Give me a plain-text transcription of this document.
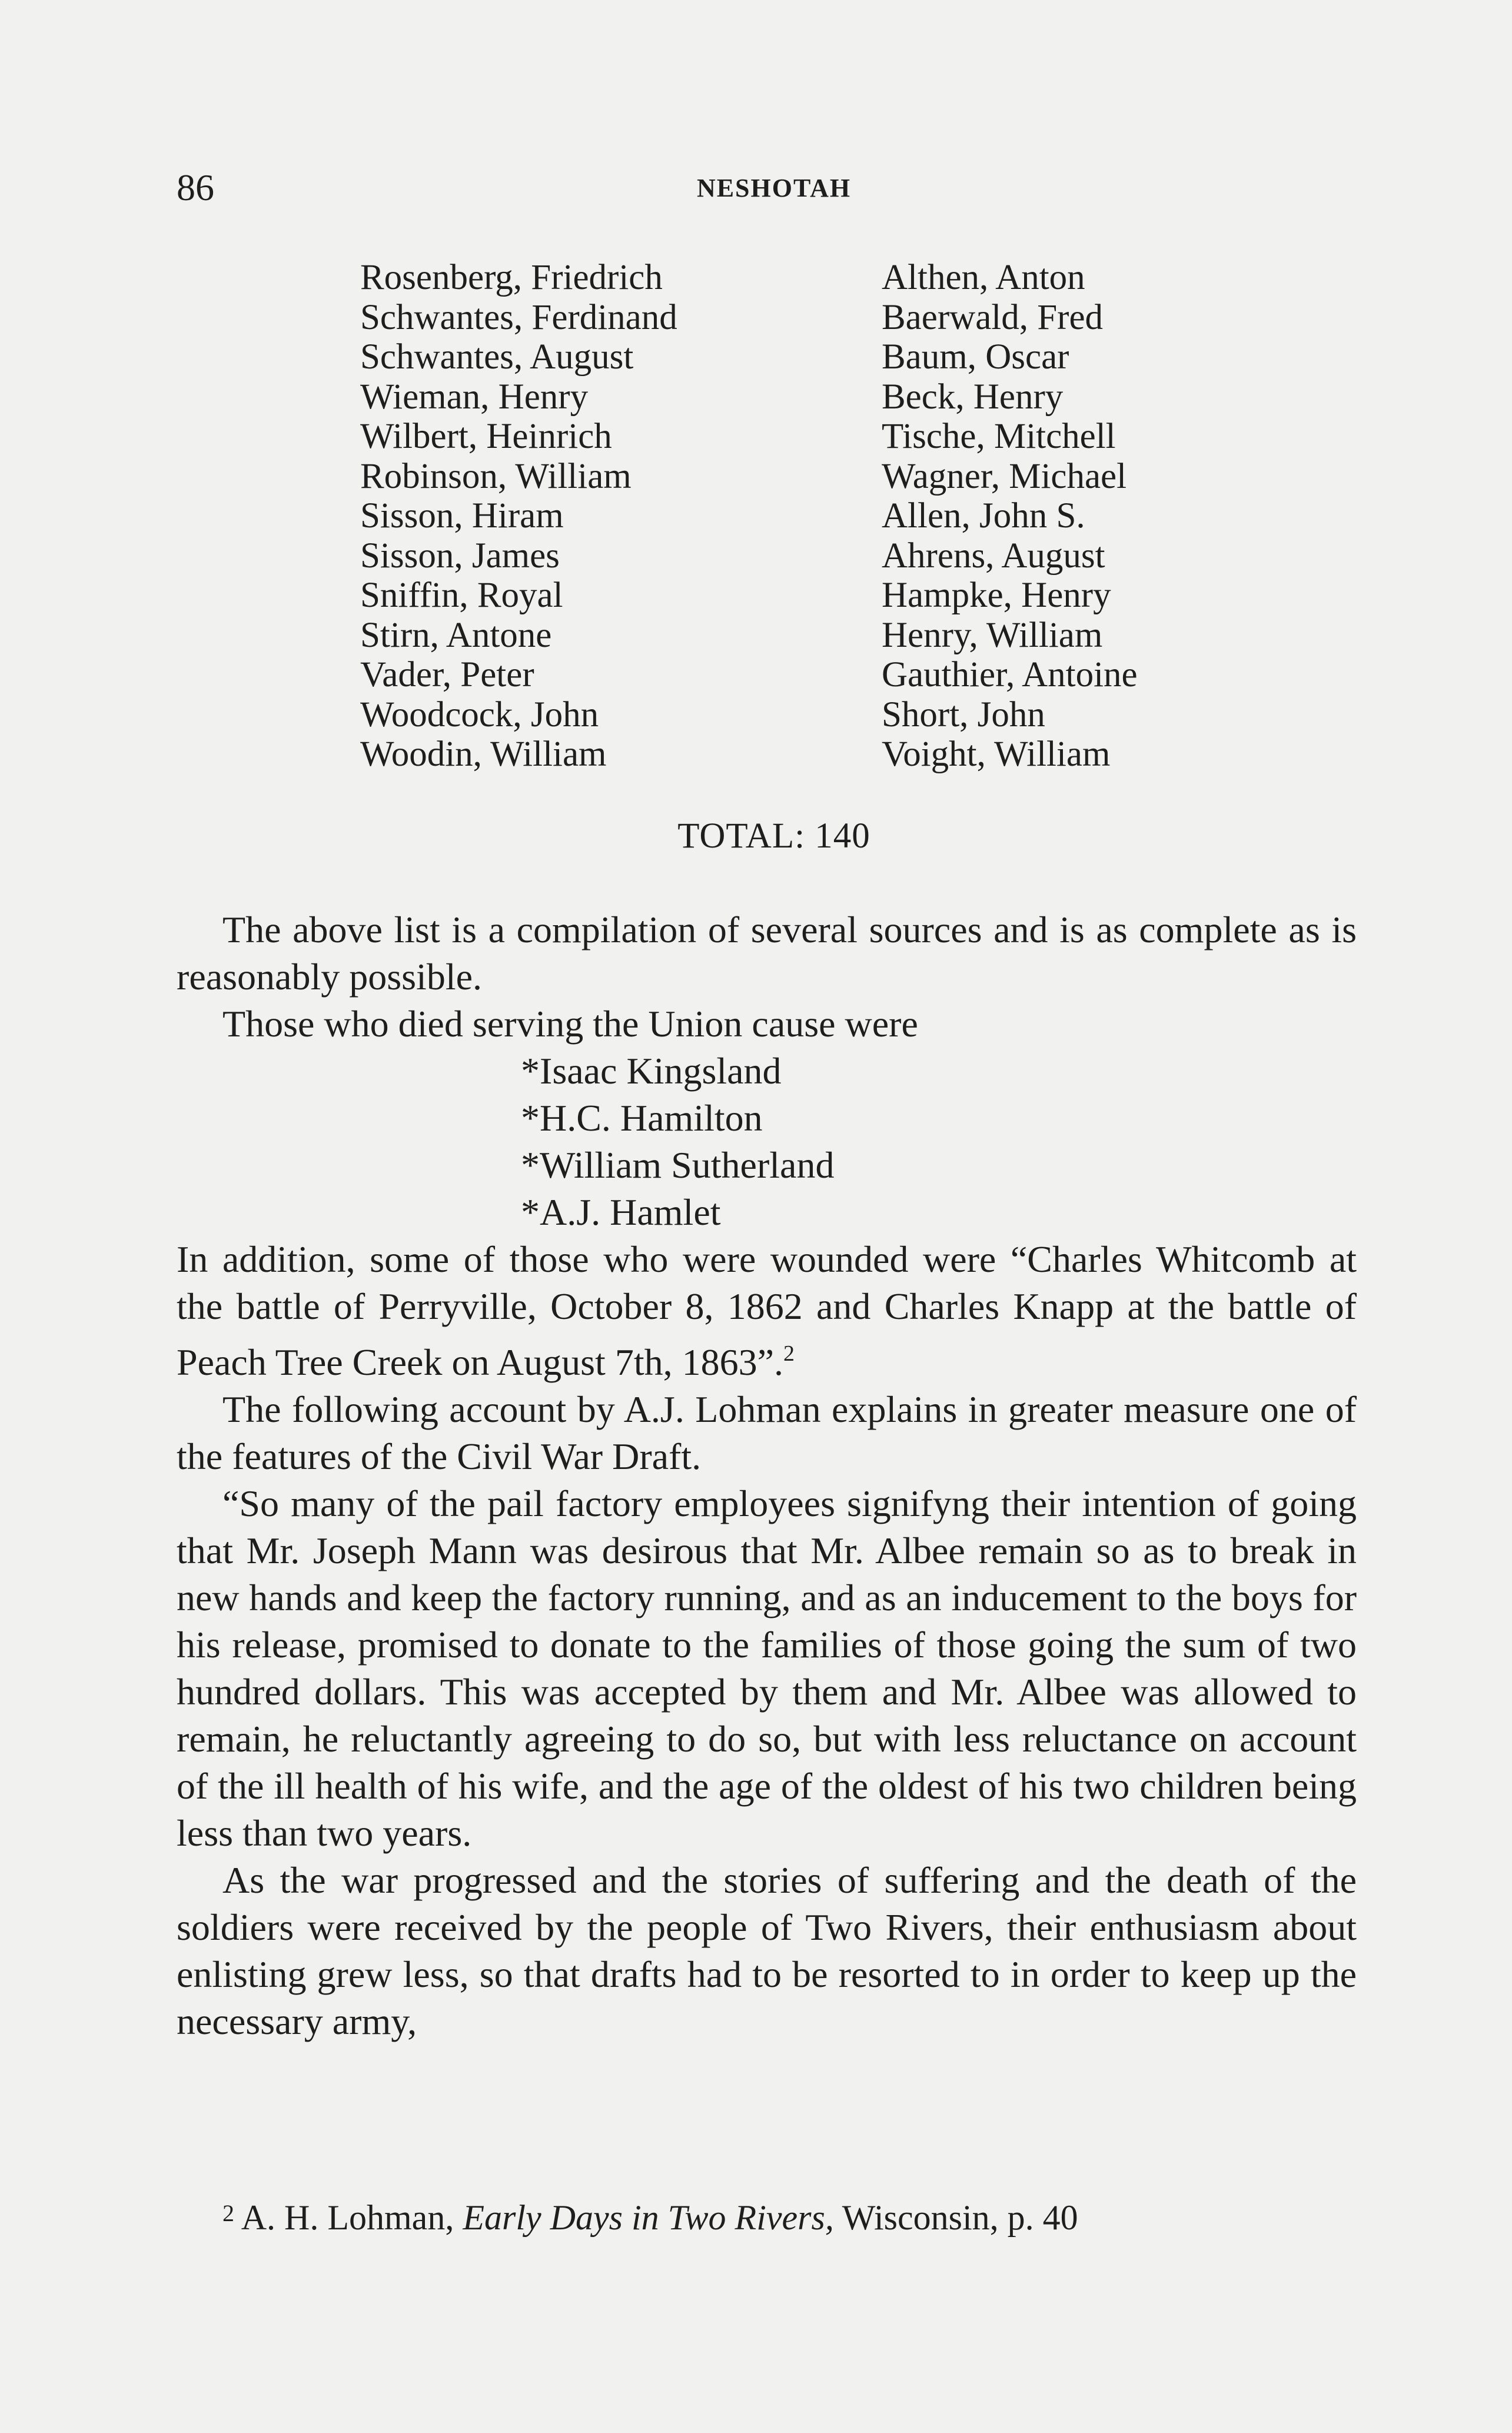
86	NESHOTAH
Rosenberg, Friedrich
Schwantes, Ferdinand
Schwantes, August
Wieman, Henry
Wilbert, Heinrich
Robinson, William
Sisson, Hiram
Sisson, James
Sniffin, Royal
Stirn, Antone
Vader, Peter
Woodcock, John
Woodin, William
Althen, Anton
Baerwald, Fred
Baum, Oscar
Beck, Henry
Tische, Mitchell
Wagner, Michael
Allen, John S.
Ahrens, August
Hampke, Henry
Henry, William
Gauthier, Antoine
Short, John
Voight, William
TOTAL: 140

The above list is a compilation of several sources and is as complete as is reasonably possible.

Those who died serving the Union cause were

*Isaac Kingsland
*H.C. Hamilton
*William Sutherland
*A.J. Hamlet

In addition, some of those who were wounded were “Charles Whitcomb at the battle of Perryville, October 8, 1862 and Charles Knapp at the battle of Peach Tree Creek on August 7th, 1863”.$^2$

The following account by A.J. Lohman explains in greater measure one of the features of the Civil War Draft.

“So many of the pail factory employees signifyng their intention of going that Mr. Joseph Mann was desirous that Mr. Albee remain so as to break in new hands and keep the factory running, and as an inducement to the boys for his release, promised to donate to the families of those going the sum of two hundred dollars. This was accepted by them and Mr. Albee was allowed to remain, he reluctantly agreeing to do so, but with less reluctance on account of the ill health of his wife, and the age of the oldest of his two children being less than two years.

As the war progressed and the stories of suffering and the death of the soldiers were received by the people of Two Rivers, their enthusiasm about enlisting grew less, so that drafts had to be resorted to in order to keep up the necessary army,

$^2$ A. H. Lohman, Early Days in Two Rivers, Wisconsin, p. 40
